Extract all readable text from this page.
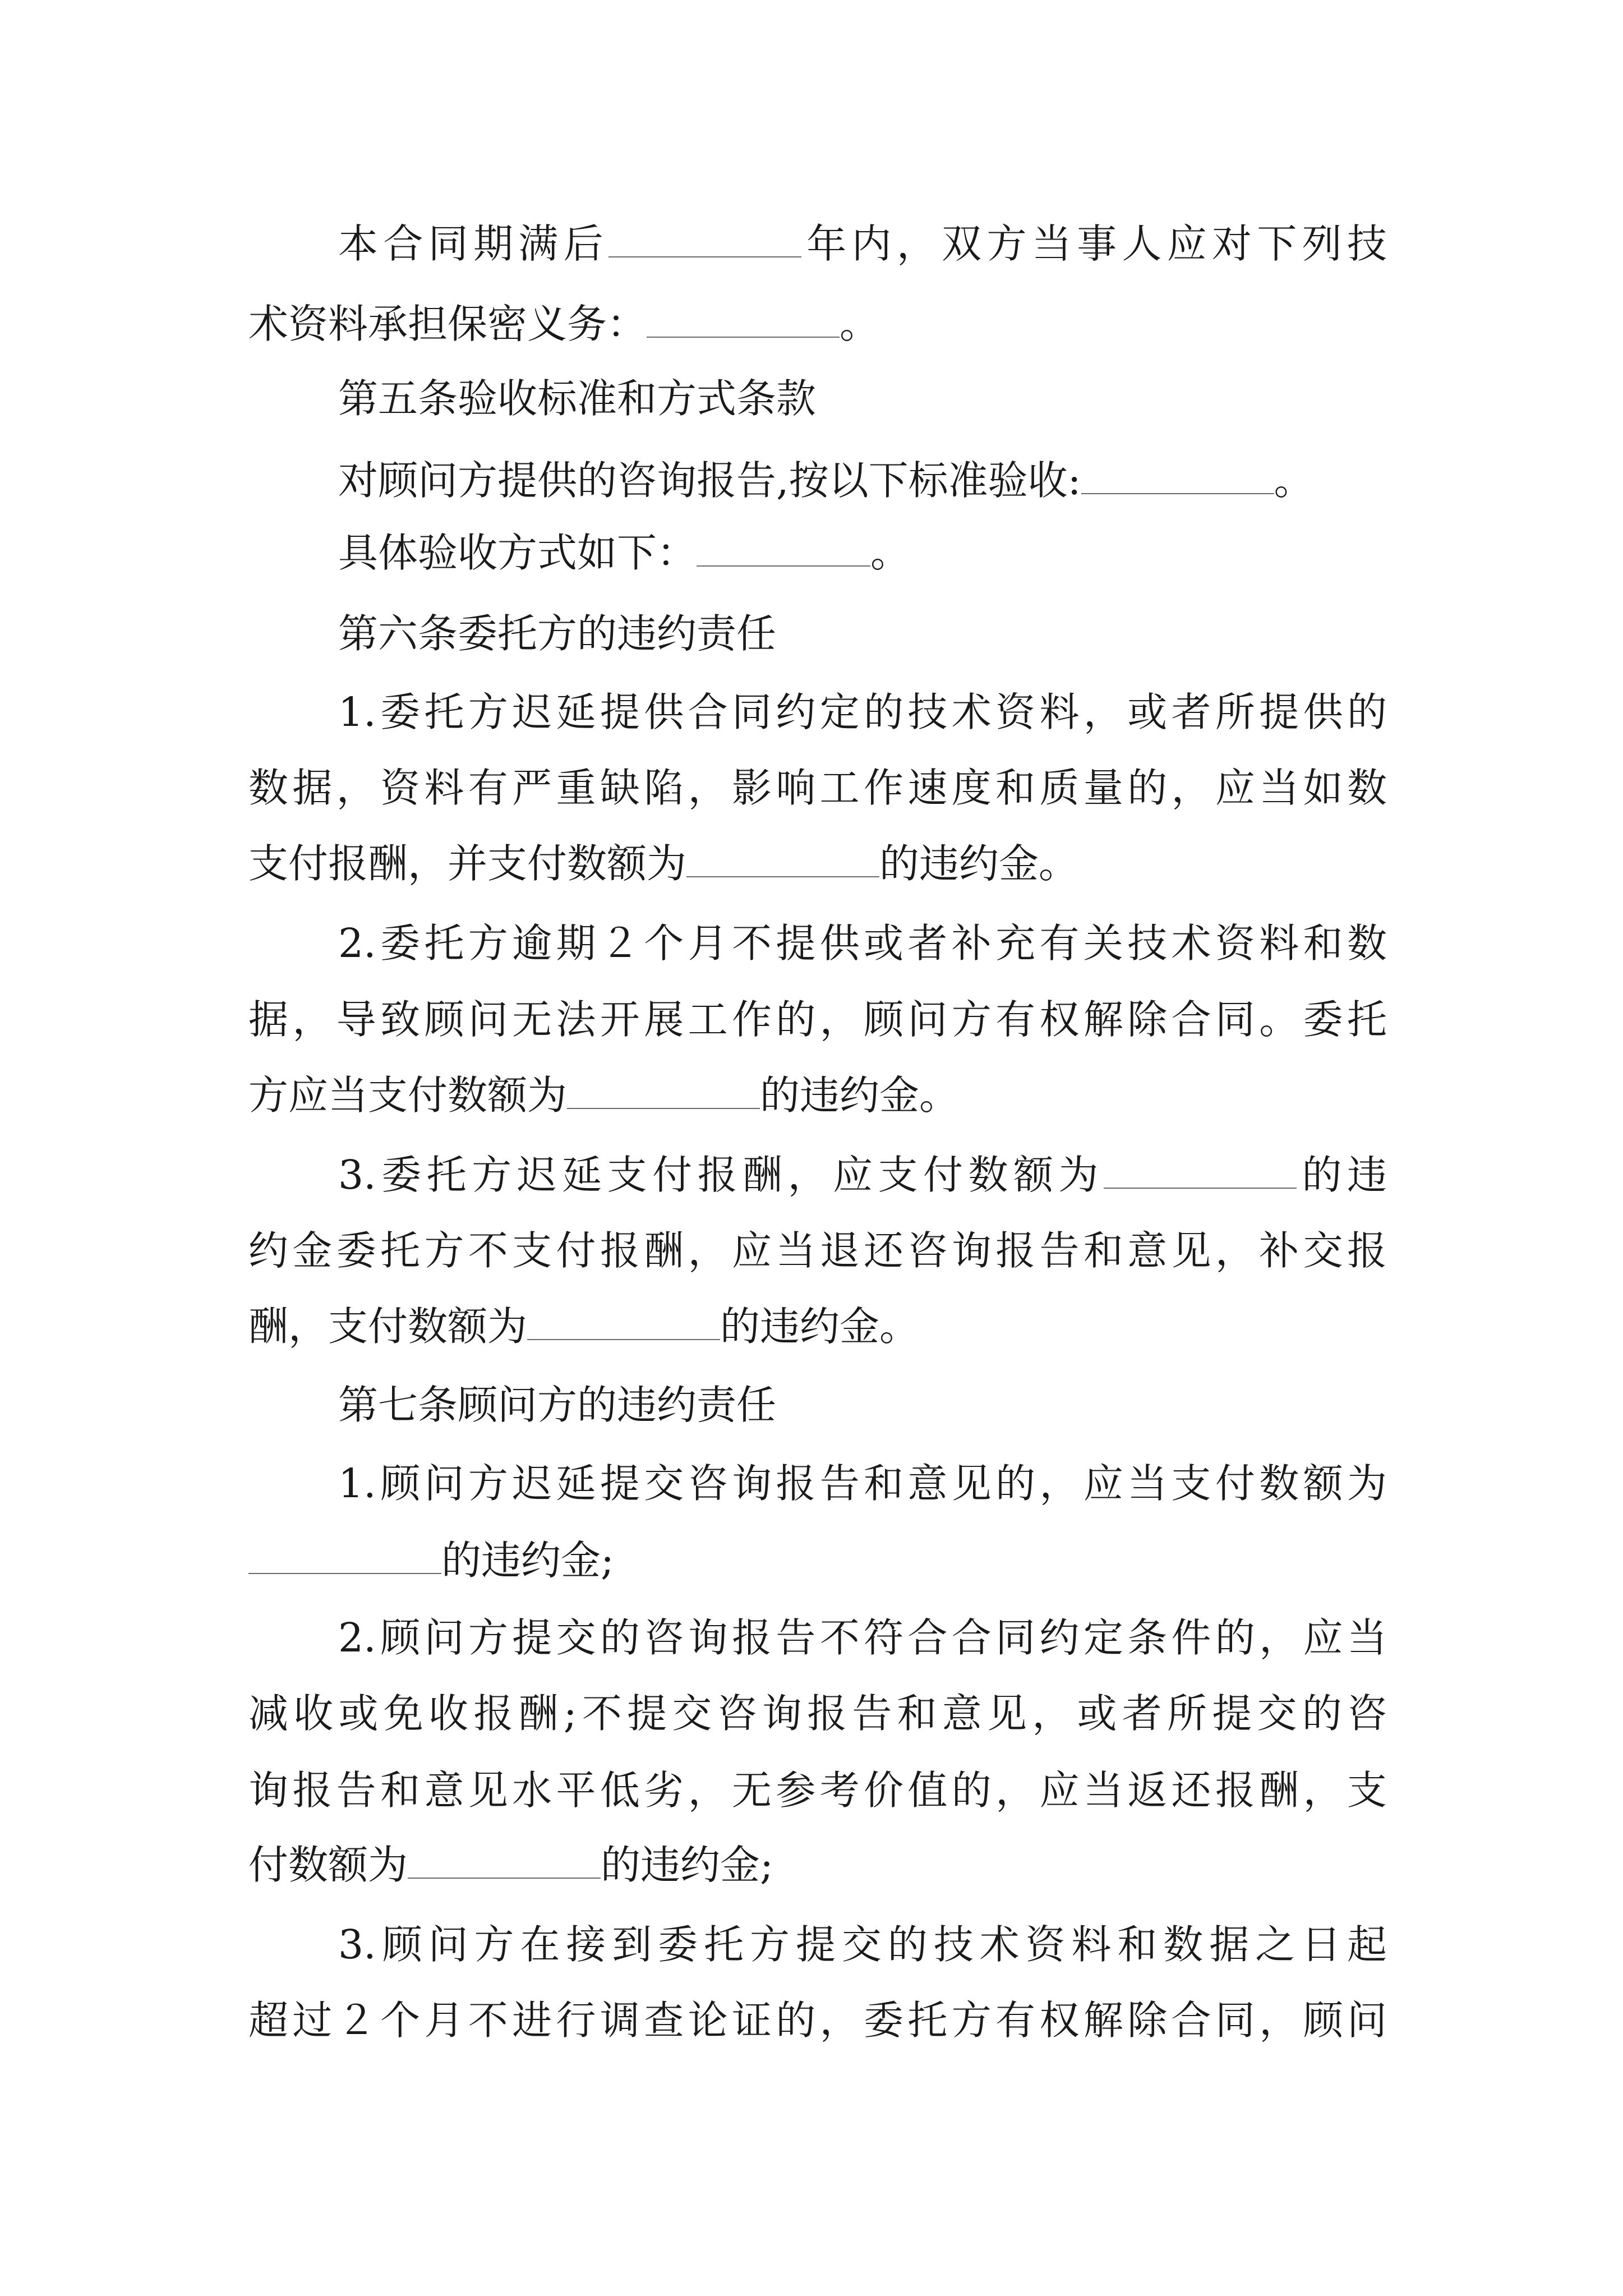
本合同期满后	年内，双方当事人应对下列技
术资料承担保密义务：	。
第五条验收标准和方式条款
对顾问方提供的咨询报告,按以下标准验收:	。
具体验收方式如下：	。
第六条委托方的违约责任
1.委托方迟延提供合同约定的技术资料，或者所提供的
数据，资料有严重缺陷，影响工作速度和质量的，应当如数
支付报酬，并支付数额为	的违约金。
2.委托方逾期２个月不提供或者补充有关技术资料和数
据，导致顾问无法开展工作的，顾问方有权解除合同。委托
方应当支付数额为	的违约金。
3.委托方迟延支付报酬，应支付数额为	的违
约金委托方不支付报酬，应当退还咨询报告和意见，补交报
酬，支付数额为	的违约金。
第七条顾问方的违约责任
1.顾问方迟延提交咨询报告和意见的，应当支付数额为
的违约金;
2.顾问方提交的咨询报告不符合合同约定条件的，应当
减收或免收报酬;不提交咨询报告和意见，或者所提交的咨
询报告和意见水平低劣，无参考价值的，应当返还报酬，支
付数额为	的违约金;
3.顾问方在接到委托方提交的技术资料和数据之日起
超过２个月不进行调查论证的，委托方有权解除合同，顾问
